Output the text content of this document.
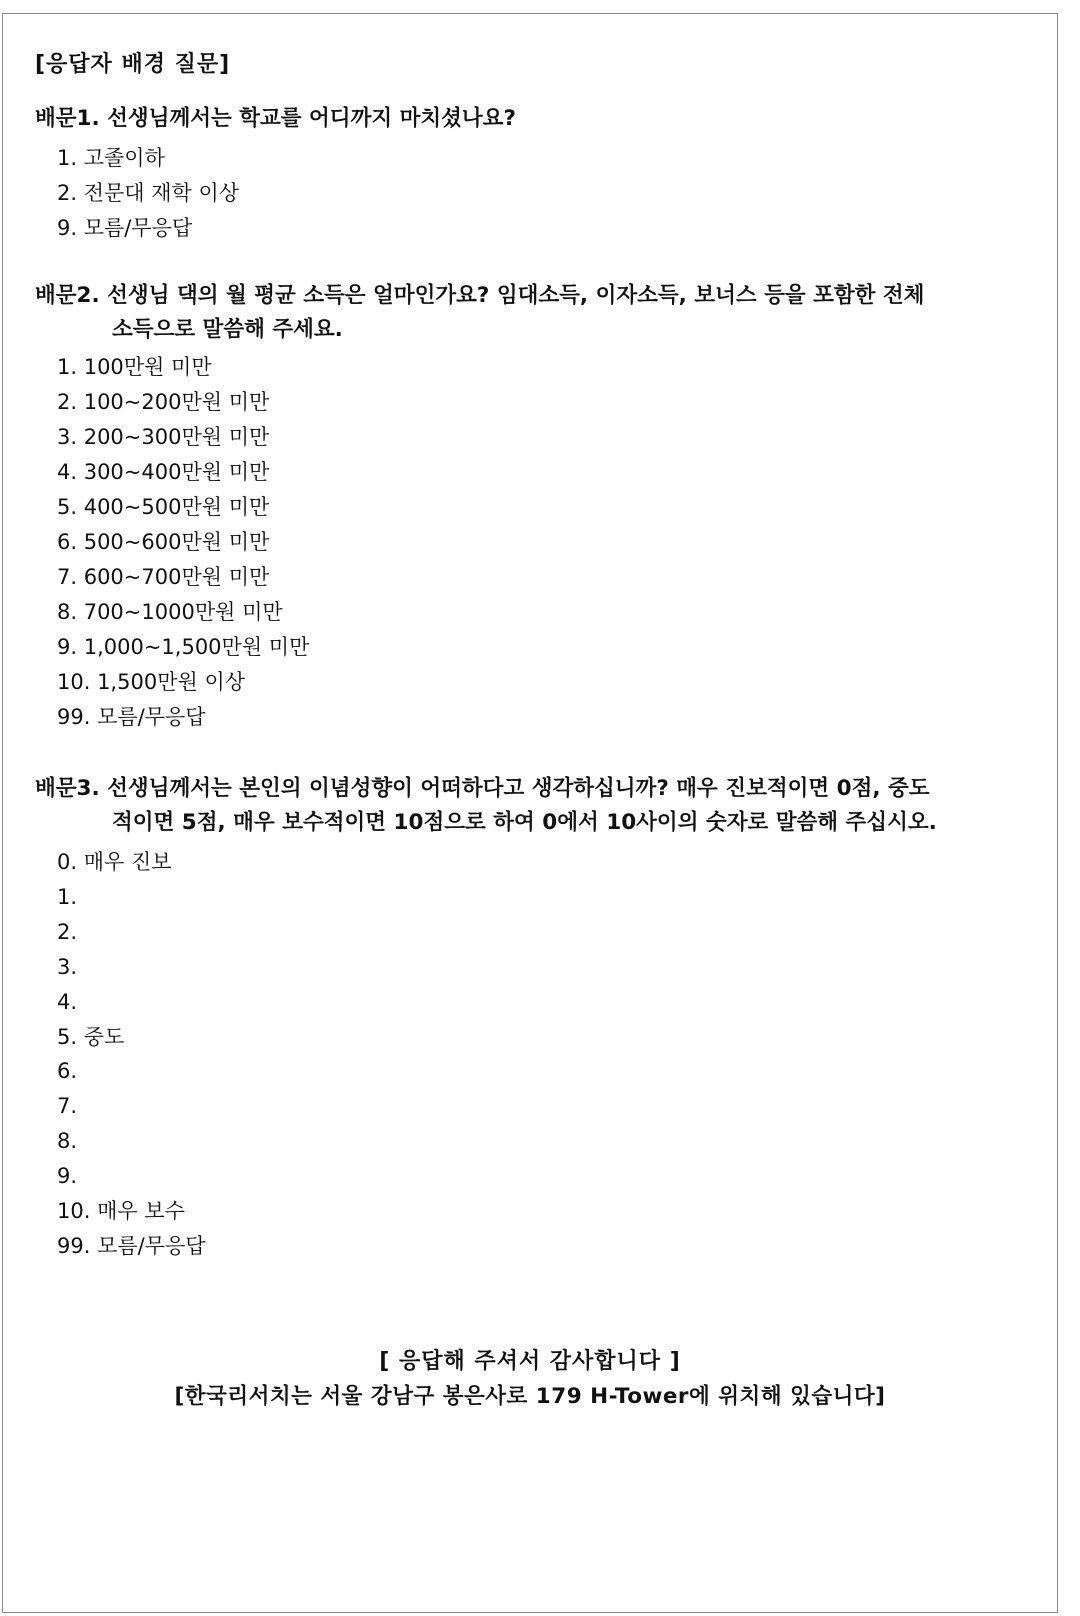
[응답자 배경 질문]
배문1. 선생님께서는 학교를 어디까지 마치셨나요?
1. 고졸이하
2. 전문대 재학 이상
9. 모름/무응답
배문2. 선생님 댁의 월 평균 소득은 얼마인가요? 임대소득, 이자소득, 보너스 등을 포함한 전체
소득으로 말씀해 주세요.
1. 100만원 미만
2. 100~200만원 미만
3. 200~300만원 미만
4. 300~400만원 미만
5. 400~500만원 미만
6. 500~600만원 미만
7. 600~700만원 미만
8. 700~1000만원 미만
9. 1,000~1,500만원 미만
10. 1,500만원 이상
99. 모름/무응답
배문3. 선생님께서는 본인의 이념성향이 어떠하다고 생각하십니까? 매우 진보적이면 0점, 중도
적이면 5점, 매우 보수적이면 10점으로 하여 0에서 10사이의 숫자로 말씀해 주십시오.
0. 매우 진보
1.
2.
3.
4.
5. 중도
6.
7.
8.
9.
10. 매우 보수
99. 모름/무응답
[ 응답해 주셔서 감사합니다 ]
[한국리서치는 서울 강남구 봉은사로 179 H-Tower에 위치해 있습니다]
